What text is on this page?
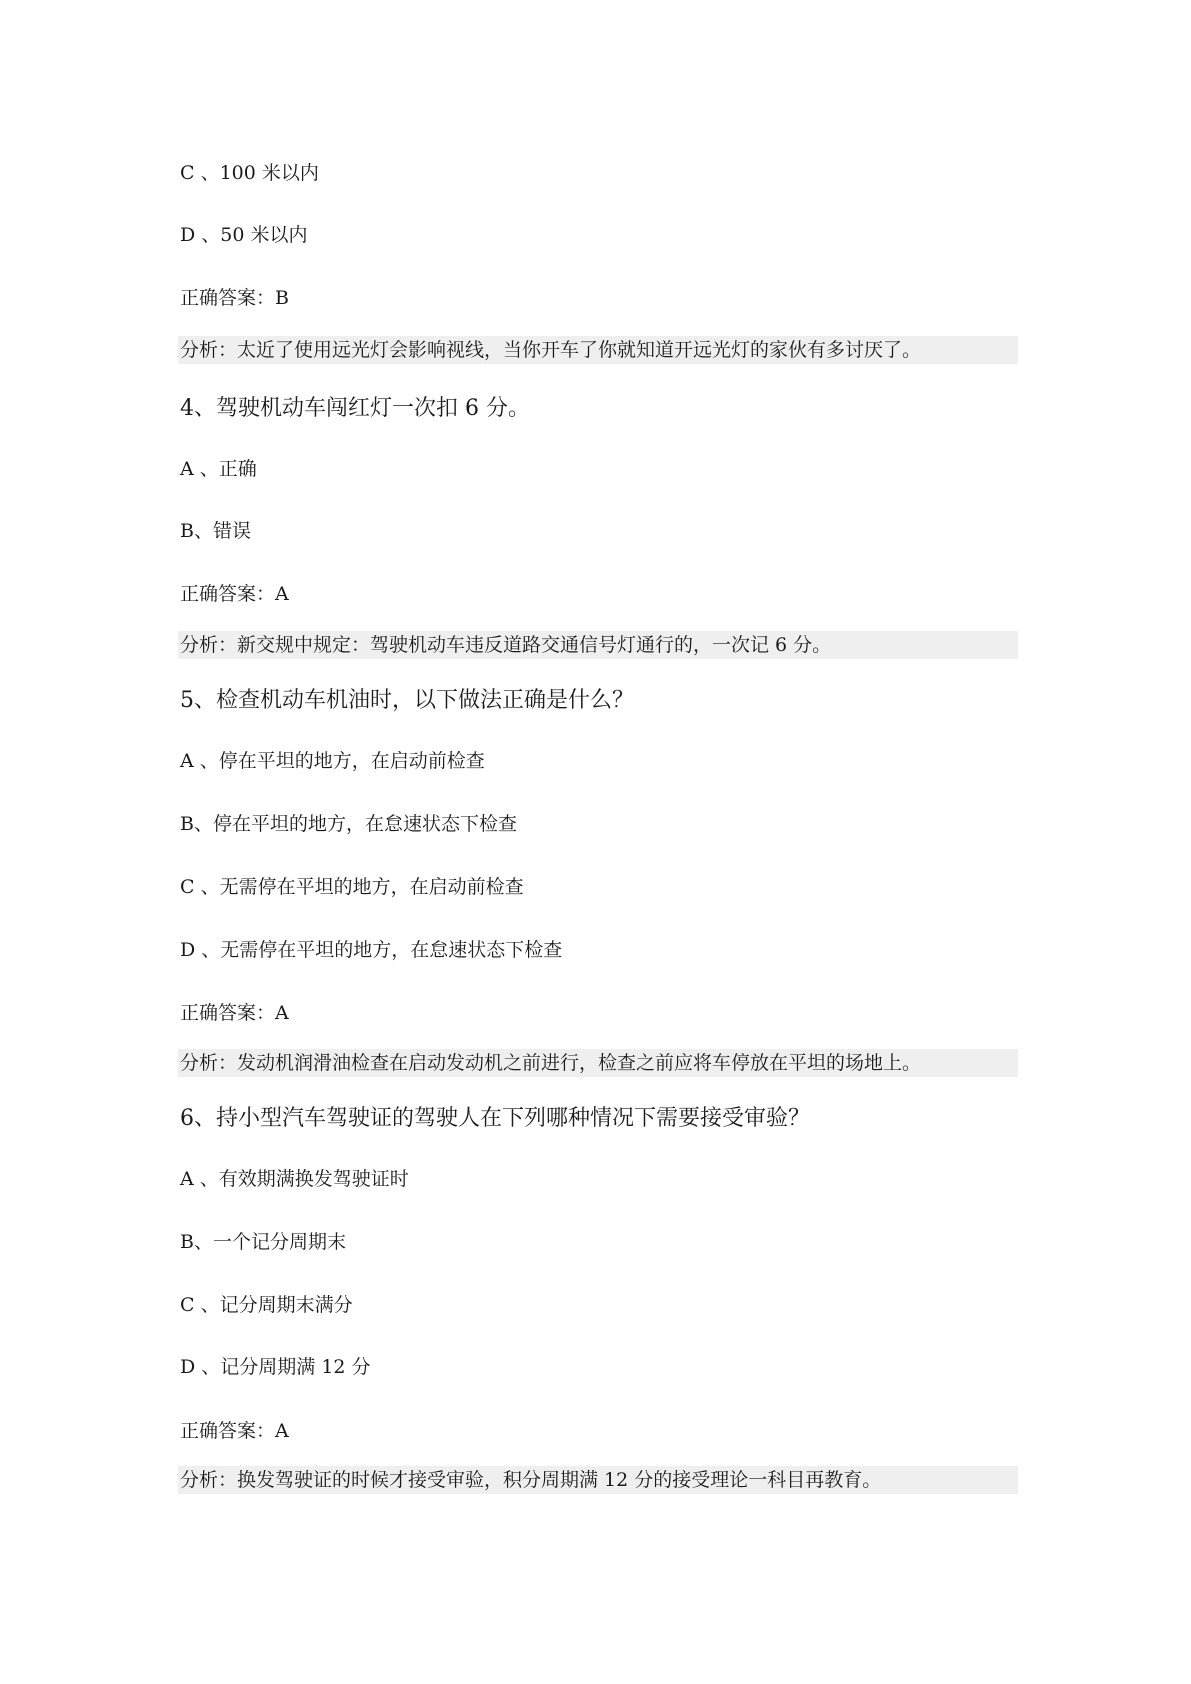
C 、100 米以内
D 、50 米以内
正确答案：B
分析：太近了使用远光灯会影响视线，当你开车了你就知道开远光灯的家伙有多讨厌了。
4、驾驶机动车闯红灯一次扣 6 分。
A 、正确
B、错误
正确答案：A
分析：新交规中规定：驾驶机动车违反道路交通信号灯通行的，一次记 6 分。
5、检查机动车机油时，以下做法正确是什么？
A 、停在平坦的地方，在启动前检查
B、停在平坦的地方，在怠速状态下检查
C 、无需停在平坦的地方，在启动前检查
D 、无需停在平坦的地方，在怠速状态下检查
正确答案：A
分析：发动机润滑油检查在启动发动机之前进行，检查之前应将车停放在平坦的场地上。
6、持小型汽车驾驶证的驾驶人在下列哪种情况下需要接受审验？
A 、有效期满换发驾驶证时
B、一个记分周期末
C 、记分周期末满分
D 、记分周期满 12 分
正确答案：A
分析：换发驾驶证的时候才接受审验，积分周期满 12 分的接受理论一科目再教育。
